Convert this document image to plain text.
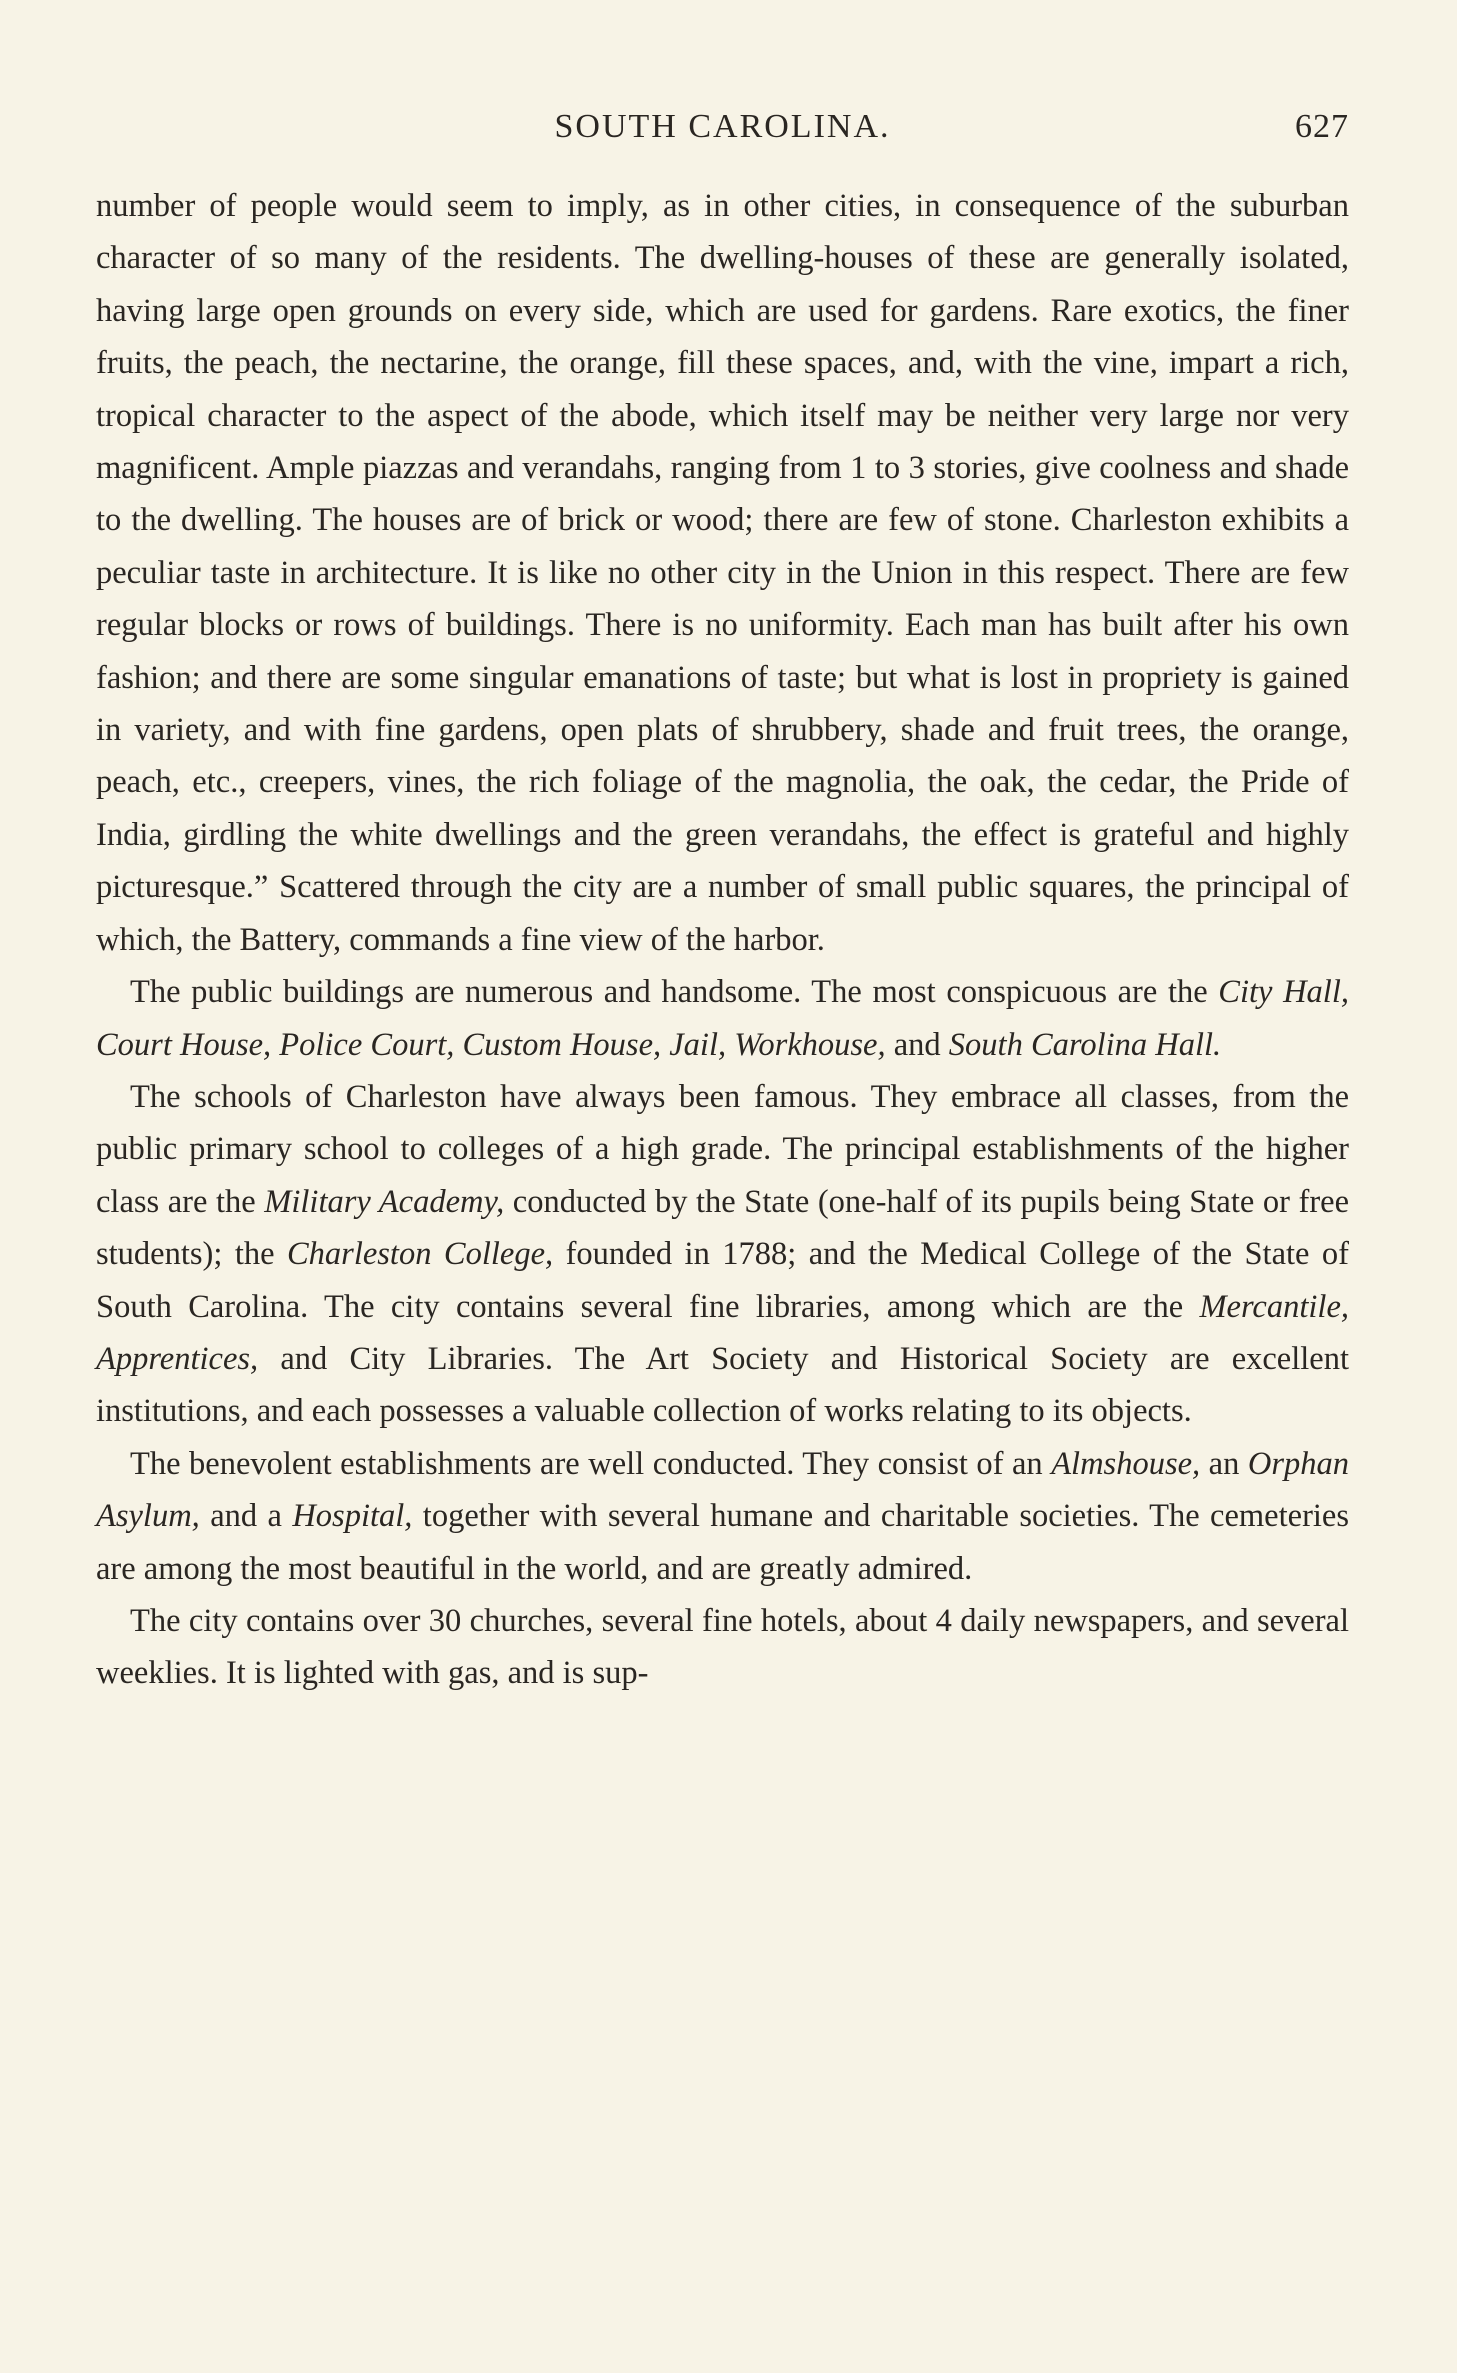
SOUTH CAROLINA.	627

number of people would seem to imply, as in other cities, in consequence of the suburban character of so many of the residents. The dwelling-houses of these are generally isolated, having large open grounds on every side, which are used for gardens. Rare exotics, the finer fruits, the peach, the nectarine, the orange, fill these spaces, and, with the vine, impart a rich, tropical character to the aspect of the abode, which itself may be neither very large nor very magnificent. Ample piazzas and verandahs, ranging from 1 to 3 stories, give coolness and shade to the dwelling. The houses are of brick or wood; there are few of stone. Charleston exhibits a peculiar taste in architecture. It is like no other city in the Union in this respect. There are few regular blocks or rows of buildings. There is no uniformity. Each man has built after his own fashion; and there are some singular emanations of taste; but what is lost in propriety is gained in variety, and with fine gardens, open plats of shrubbery, shade and fruit trees, the orange, peach, etc., creepers, vines, the rich foliage of the magnolia, the oak, the cedar, the Pride of India, girdling the white dwellings and the green verandahs, the effect is grateful and highly picturesque.” Scattered through the city are a number of small public squares, the principal of which, the Battery, commands a fine view of the harbor.

The public buildings are numerous and handsome. The most conspicuous are the City Hall, Court House, Police Court, Custom House, Jail, Workhouse, and South Carolina Hall.

The schools of Charleston have always been famous. They embrace all classes, from the public primary school to colleges of a high grade. The principal establishments of the higher class are the Military Academy, conducted by the State (one-half of its pupils being State or free students); the Charleston College, founded in 1788; and the Medical College of the State of South Carolina. The city contains several fine libraries, among which are the Mercantile, Apprentices, and City Libraries. The Art Society and Historical Society are excellent institutions, and each possesses a valuable collection of works relating to its objects.

The benevolent establishments are well conducted. They consist of an Almshouse, an Orphan Asylum, and a Hospital, together with several humane and charitable societies. The cemeteries are among the most beautiful in the world, and are greatly admired.

The city contains over 30 churches, several fine hotels, about 4 daily newspapers, and several weeklies. It is lighted with gas, and is sup-
